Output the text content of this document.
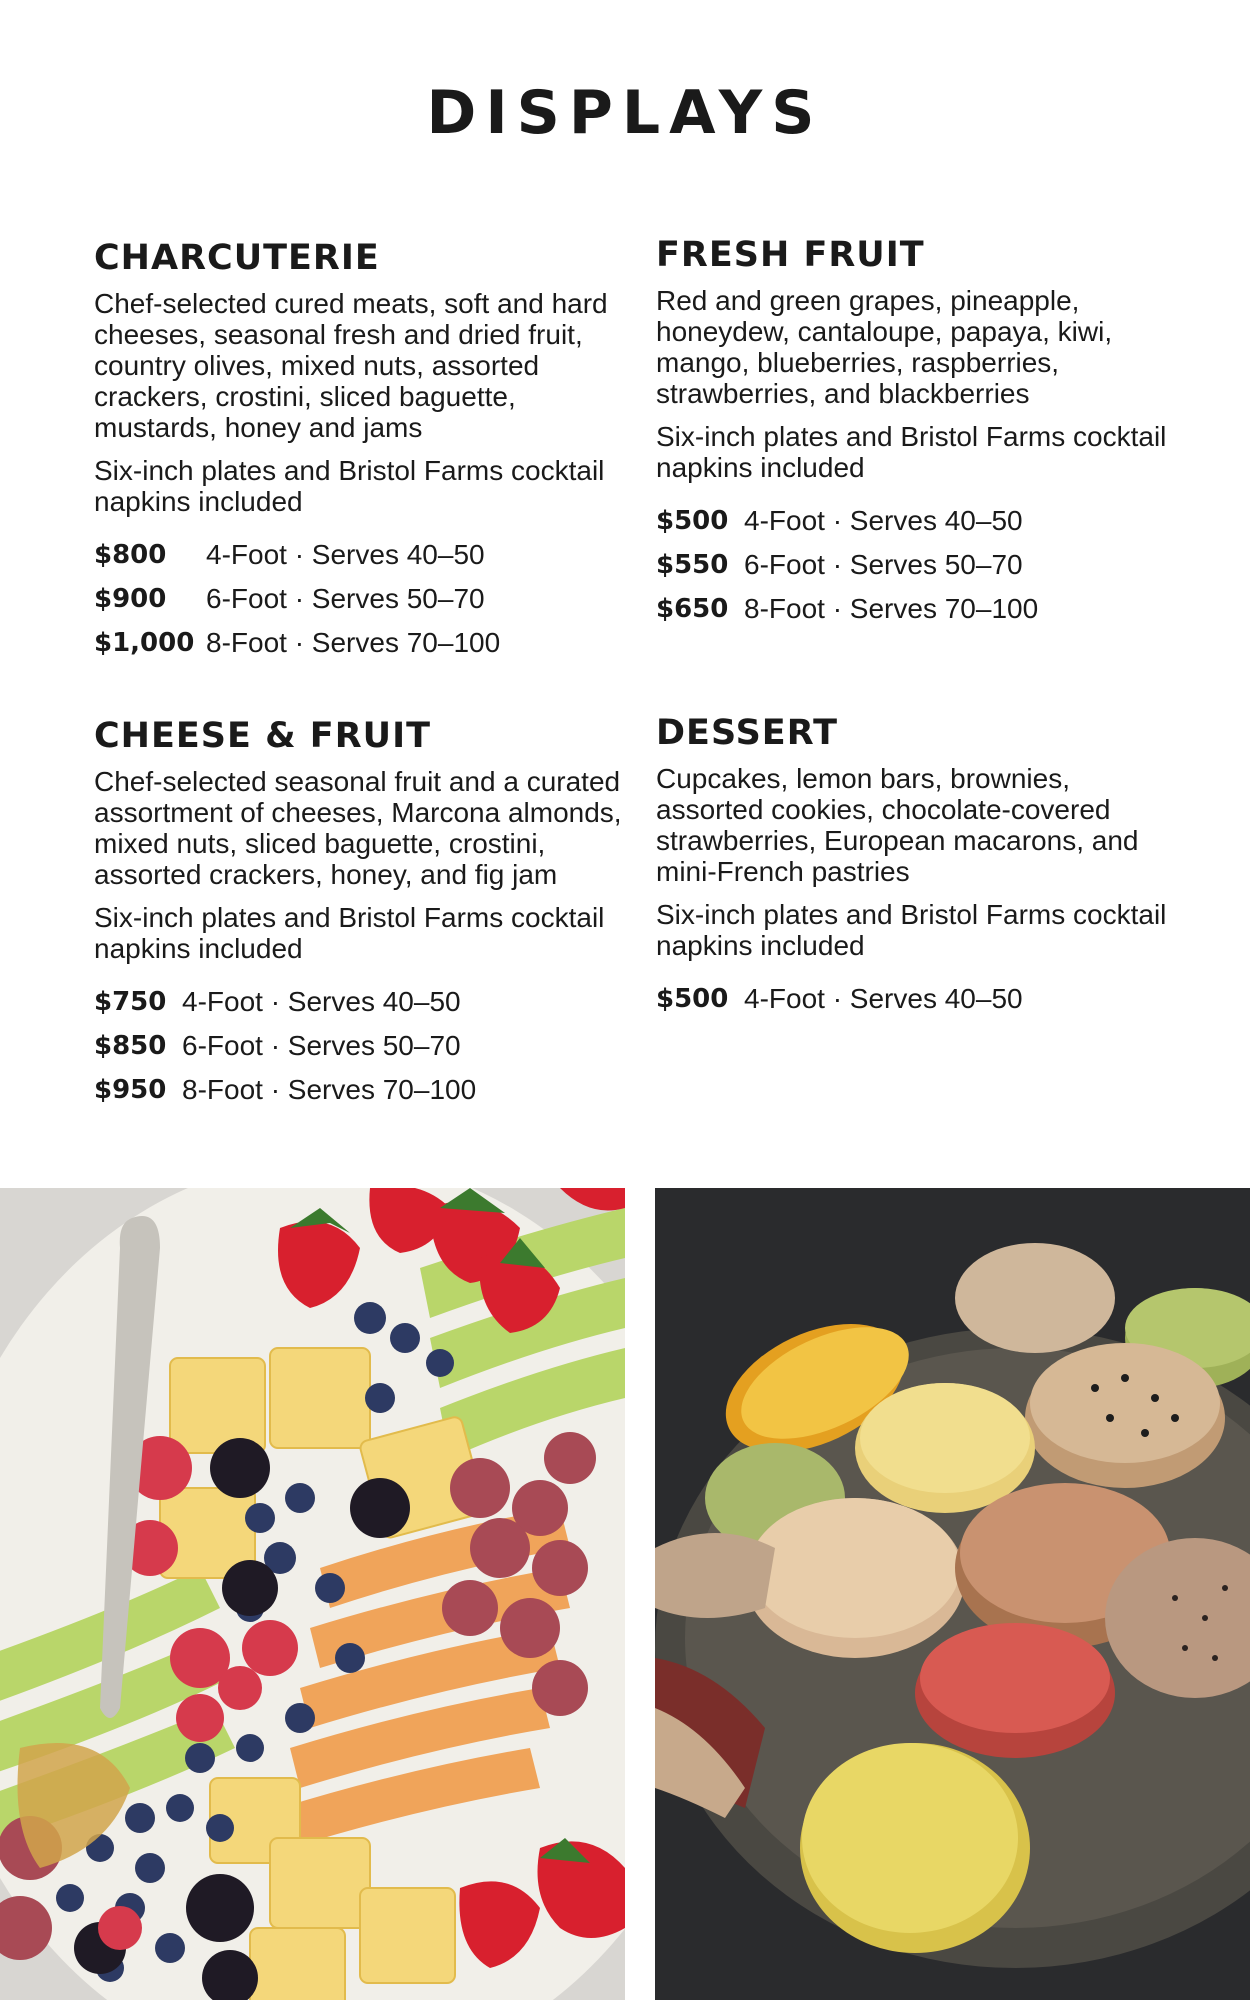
DISPLAYS
CHARCUTERIE

Chef-selected cured meats, soft and hard cheeses, seasonal fresh and dried fruit, country olives, mixed nuts, assorted crackers, crostini, sliced baguette, mustards, honey and jams

Six-inch plates and Bristol Farms cocktail napkins included

$800	4-Foot · Serves 40–50
$900	6-Foot · Serves 50–70
$1,000 8-Foot · Serves 70–100
FRESH FRUIT

Red and green grapes, pineapple, honeydew, cantaloupe, papaya, kiwi, mango, blueberries, raspberries, strawberries, and blackberries

Six-inch plates and Bristol Farms cocktail napkins included

$500 4-Foot · Serves 40–50
$550 6-Foot · Serves 50–70
$650 8-Foot · Serves 70–100
CHEESE & FRUIT

Chef-selected seasonal fruit and a curated assortment of cheeses, Marcona almonds, mixed nuts, sliced baguette, crostini, assorted crackers, honey, and fig jam

Six-inch plates and Bristol Farms cocktail napkins included

$750 4-Foot · Serves 40–50
$850 6-Foot · Serves 50–70
$950 8-Foot · Serves 70–100
DESSERT

Cupcakes, lemon bars, brownies, assorted cookies, chocolate-covered strawberries, European macarons, and mini-French pastries

Six-inch plates and Bristol Farms cocktail napkins included

$500 4-Foot · Serves 40–50
